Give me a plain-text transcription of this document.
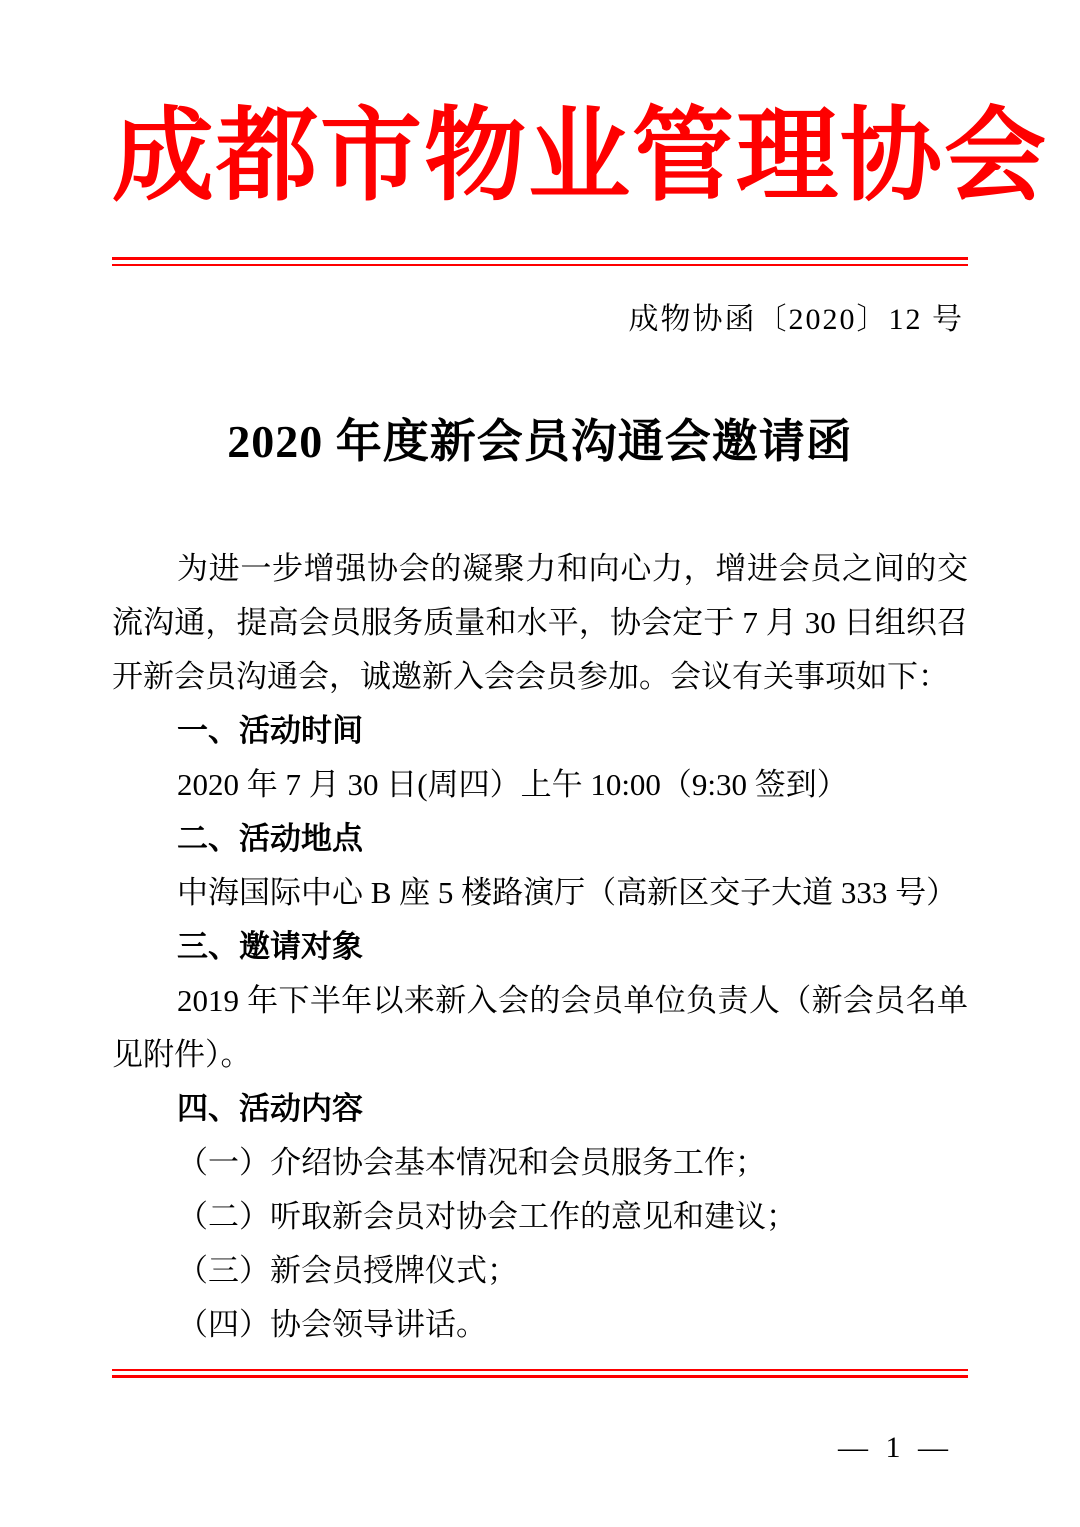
成都市物业管理协会
成物协函〔2020〕12 号
2020 年度新会员沟通会邀请函

为进一步增强协会的凝聚力和向心力，增进会员之间的交流沟通，提高会员服务质量和水平，协会定于 7 月 30 日组织召开新会员沟通会，诚邀新入会会员参加。会议有关事项如下：

一、活动时间

2020 年 7 月 30 日(周四）上午 10:00（9:30 签到）

二、活动地点

中海国际中心 B 座 5 楼路演厅（高新区交子大道 333 号）

三、邀请对象

2019 年下半年以来新入会的会员单位负责人（新会员名单见附件）。

四、活动内容

（一）介绍协会基本情况和会员服务工作；

（二）听取新会员对协会工作的意见和建议；

（三）新会员授牌仪式；

（四）协会领导讲话。

— 1 —
